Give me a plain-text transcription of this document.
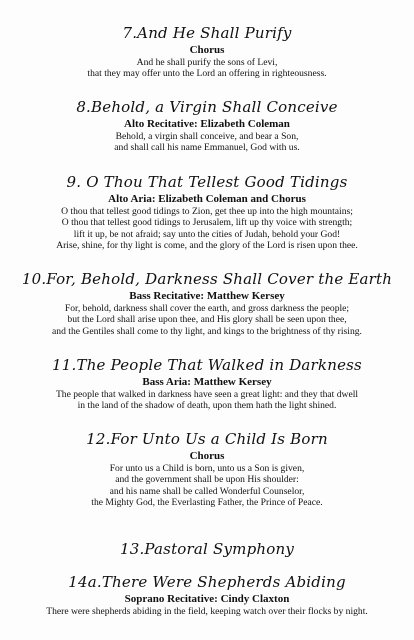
7.And He Shall Purify
Chorus
And he shall purify the sons of Levi,
that they may offer unto the Lord an offering in righteousness.
8.Behold, a Virgin Shall Conceive
Alto Recitative: Elizabeth Coleman
Behold, a virgin shall conceive, and bear a Son,
and shall call his name Emmanuel, God with us.
9. O Thou That Tellest Good Tidings
Alto Aria: Elizabeth Coleman and Chorus
O thou that tellest good tidings to Zion, get thee up into the high mountains;
O thou that tellest good tidings to Jerusalem, lift up thy voice with strength;
lift it up, be not afraid; say unto the cities of Judah, behold your God!
Arise, shine, for thy light is come, and the glory of the Lord is risen upon thee.
10.For, Behold, Darkness Shall Cover the Earth
Bass Recitative: Matthew Kersey
For, behold, darkness shall cover the earth, and gross darkness the people;
but the Lord shall arise upon thee, and His glory shall be seen upon thee,
and the Gentiles shall come to thy light, and kings to the brightness of thy rising.
11.The People That Walked in Darkness
Bass Aria: Matthew Kersey
The people that walked in darkness have seen a great light: and they that dwell
in the land of the shadow of death, upon them hath the light shined.
12.For Unto Us a Child Is Born
Chorus
For unto us a Child is born, unto us a Son is given,
and the government shall be upon His shoulder:
and his name shall be called Wonderful Counselor,
the Mighty God, the Everlasting Father, the Prince of Peace.
13.Pastoral Symphony
14a.There Were Shepherds Abiding
Soprano Recitative: Cindy Claxton
There were shepherds abiding in the field, keeping watch over their flocks by night.
